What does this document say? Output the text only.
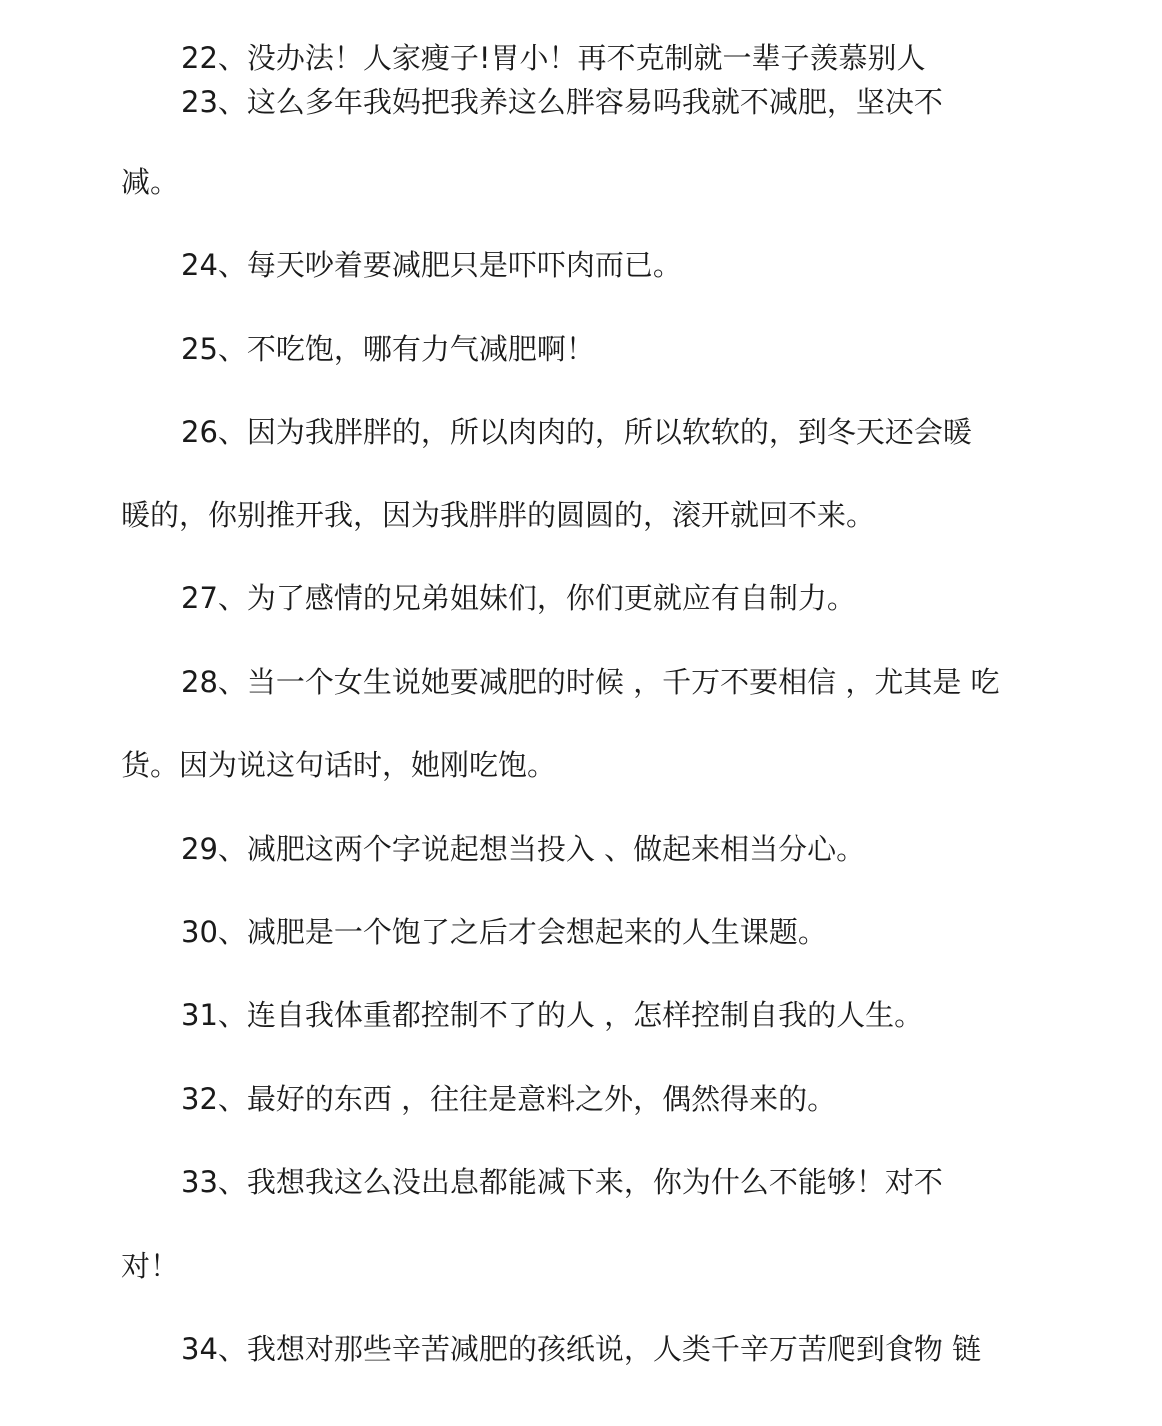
22、没办法！人家瘦子!胃小！再不克制就一辈子羡慕别人
23、这么多年我妈把我养这么胖容易吗我就不减肥，坚决不
减。
24、每天吵着要减肥只是吓吓肉而已。
25、不吃饱，哪有力气减肥啊！
26、因为我胖胖的，所以肉肉的，所以软软的，到冬天还会暖
暖的，你别推开我，因为我胖胖的圆圆的，滚开就回不来。
27、为了感情的兄弟姐妹们，你们更就应有自制力。
28、当一个女生说她要减肥的时候 ，千万不要相信 ，尤其是 吃
货。因为说这句话时，她刚吃饱。
29、减肥这两个字说起想当投入 、做起来相当分心。
30、减肥是一个饱了之后才会想起来的人生课题。
31、连自我体重都控制不了的人 ，怎样控制自我的人生。
32、最好的东西 ，往往是意料之外，偶然得来的。
33、我想我这么没出息都能减下来，你为什么不能够！对不
对！
34、我想对那些辛苦减肥的孩纸说，人类千辛万苦爬到食物 链
